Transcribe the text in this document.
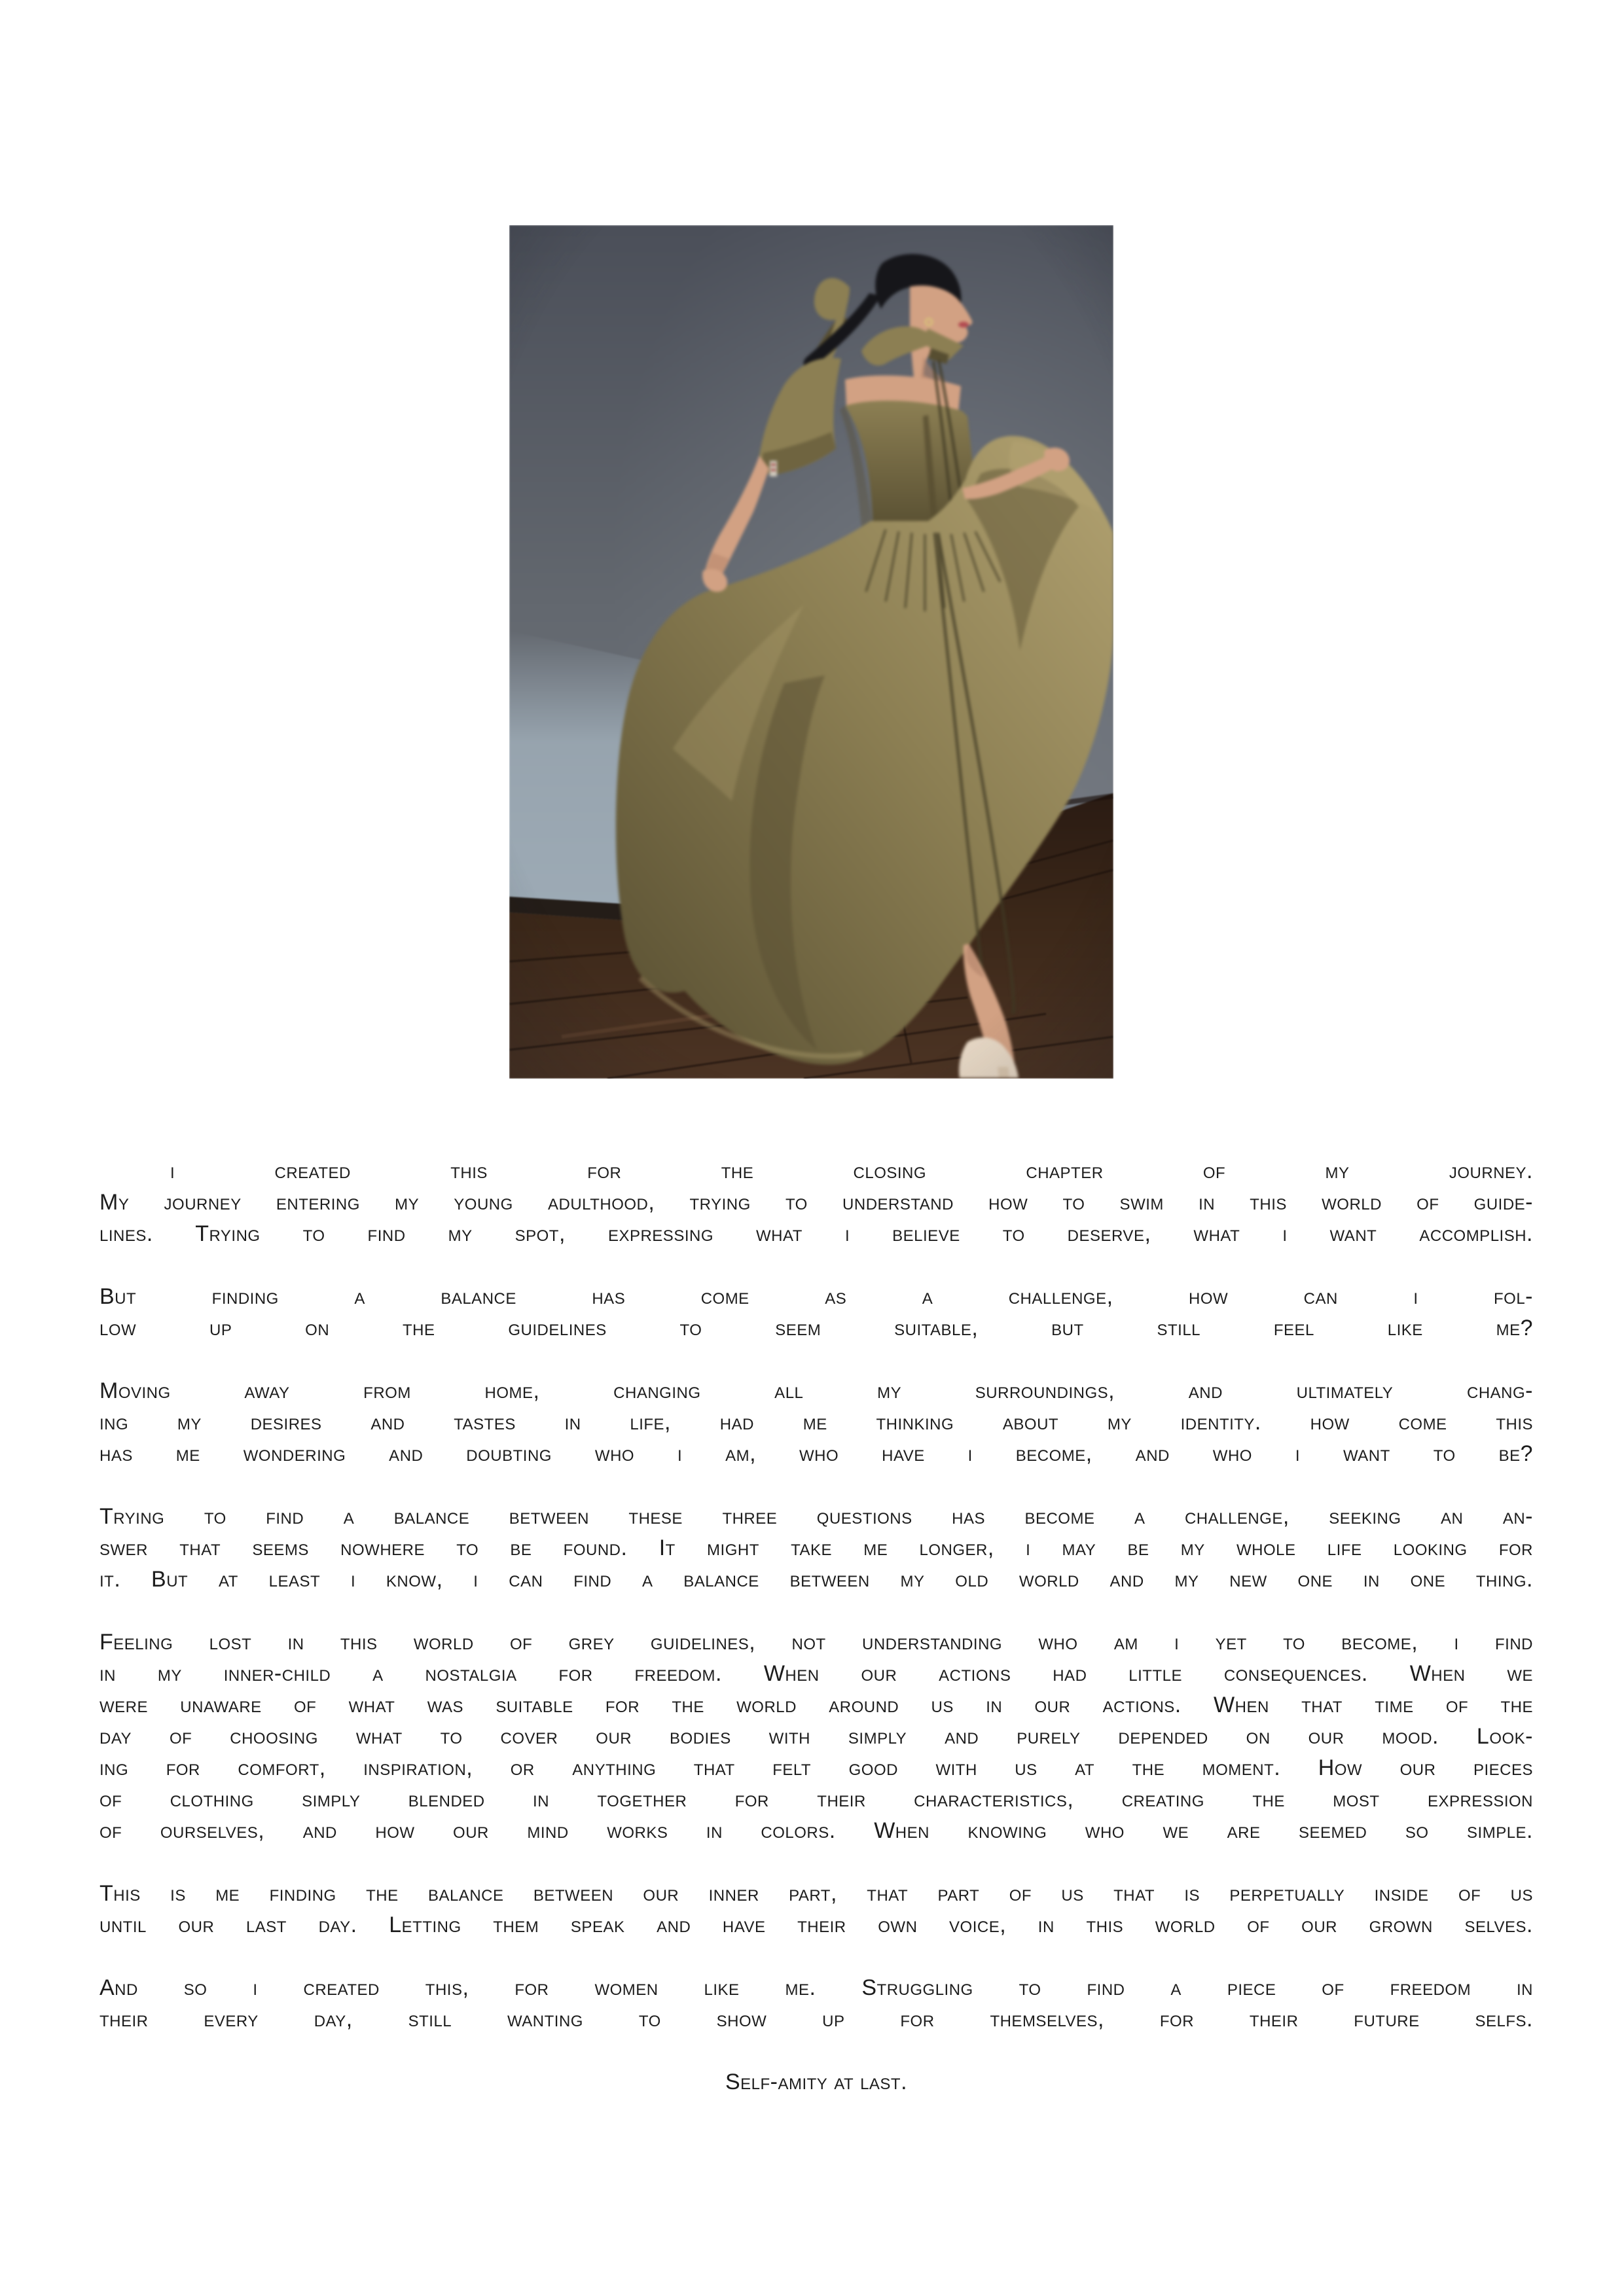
i created this for the closing chapter of my journey.
My journey entering my young adulthood, trying to understand how to swim in this world of guide-
lines. Trying to find my spot, expressing what i believe to deserve, what i want accomplish.
But finding a balance has come as a challenge, how can i fol-
low up on the guidelines to seem suitable, but still feel like me?
Moving away from home, changing all my surroundings, and ultimately chang-
ing my desires and tastes in life, had me thinking about my identity. how come this
has me wondering and doubting who i am, who have i become, and who i want to be?
Trying to find a balance between these three questions has become a challenge, seeking an an-
swer that seems nowhere to be found. It might take me longer, i may be my whole life looking for
it. But at least i know, i can find a balance between my old world and my new one in one thing.
Feeling lost in this world of grey guidelines, not understanding who am i yet to become, i find
in my inner-child a nostalgia for freedom. When our actions had little consequences. When we
were unaware of what was suitable for the world around us in our actions. When that time of the
day of choosing what to cover our bodies with simply and purely depended on our mood. Look-
ing for comfort, inspiration, or anything that felt good with us at the moment. How our pieces
of clothing simply blended in together for their characteristics, creating the most expression
of ourselves, and how our mind works in colors. When knowing who we are seemed so simple.
This is me finding the balance between our inner part, that part of us that is perpetually inside of us
until our last day. Letting them speak and have their own voice, in this world of our grown selves.
And so i created this, for women like me. Struggling to find a piece of freedom in
their every day, still wanting to show up for themselves, for their future selfs.
Self-amity at last.
